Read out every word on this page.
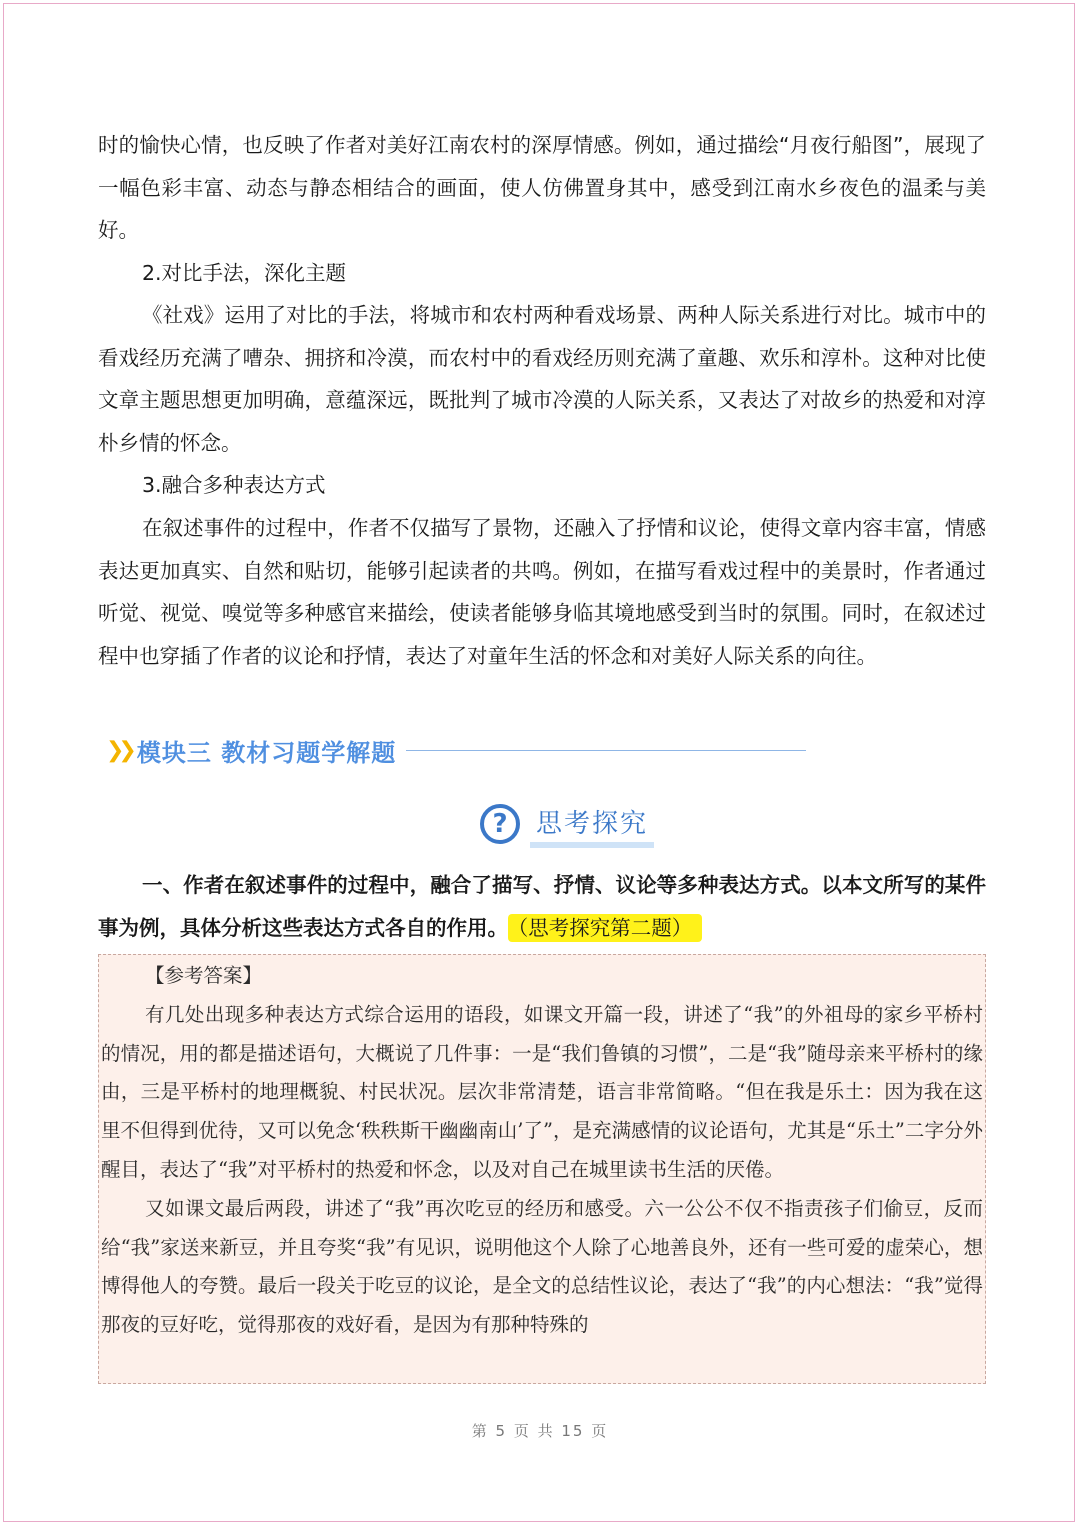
时的愉快心情，也反映了作者对美好江南农村的深厚情感。例如，通过描绘“月夜行船图”，展现了一幅色彩丰富、动态与静态相结合的画面，使人仿佛置身其中，感受到江南水乡夜色的温柔与美好。

2.对比手法，深化主题

《社戏》运用了对比的手法，将城市和农村两种看戏场景、两种人际关系进行对比。城市中的看戏经历充满了嘈杂、拥挤和冷漠，而农村中的看戏经历则充满了童趣、欢乐和淳朴。这种对比使文章主题思想更加明确，意蕴深远，既批判了城市冷漠的人际关系，又表达了对故乡的热爱和对淳朴乡情的怀念。

3.融合多种表达方式

在叙述事件的过程中，作者不仅描写了景物，还融入了抒情和议论，使得文章内容丰富，情感表达更加真实、自然和贴切，能够引起读者的共鸣。例如，在描写看戏过程中的美景时，作者通过听觉、视觉、嗅觉等多种感官来描绘，使读者能够身临其境地感受到当时的氛围。同时，在叙述过程中也穿插了作者的议论和抒情，表达了对童年生活的怀念和对美好人际关系的向往。

❯❯ 模块三 教材习题学解题
?	思考探究

一、作者在叙述事件的过程中，融合了描写、抒情、议论等多种表达方式。以本文所写的某件事为例，具体分析这些表达方式各自的作用。 （思考探究第二题）

【参考答案】

有几处出现多种表达方式综合运用的语段，如课文开篇一段，讲述了“我”的外祖母的家乡平桥村的情况，用的都是描述语句，大概说了几件事：一是“我们鲁镇的习惯”，二是“我”随母亲来平桥村的缘由，三是平桥村的地理概貌、村民状况。层次非常清楚，语言非常简略。“但在我是乐土：因为我在这里不但得到优待，又可以免念‘秩秩斯干幽幽南山’了”，是充满感情的议论语句，尤其是“乐土”二字分外醒目，表达了“我”对平桥村的热爱和怀念，以及对自己在城里读书生活的厌倦。

又如课文最后两段，讲述了“我”再次吃豆的经历和感受。六一公公不仅不指责孩子们偷豆，反而给“我”家送来新豆，并且夸奖“我”有见识，说明他这个人除了心地善良外，还有一些可爱的虚荣心，想博得他人的夸赞。最后一段关于吃豆的议论，是全文的总结性议论，表达了“我”的内心想法：“我”觉得那夜的豆好吃，觉得那夜的戏好看，是因为有那种特殊的

第 5 页 共 15 页
